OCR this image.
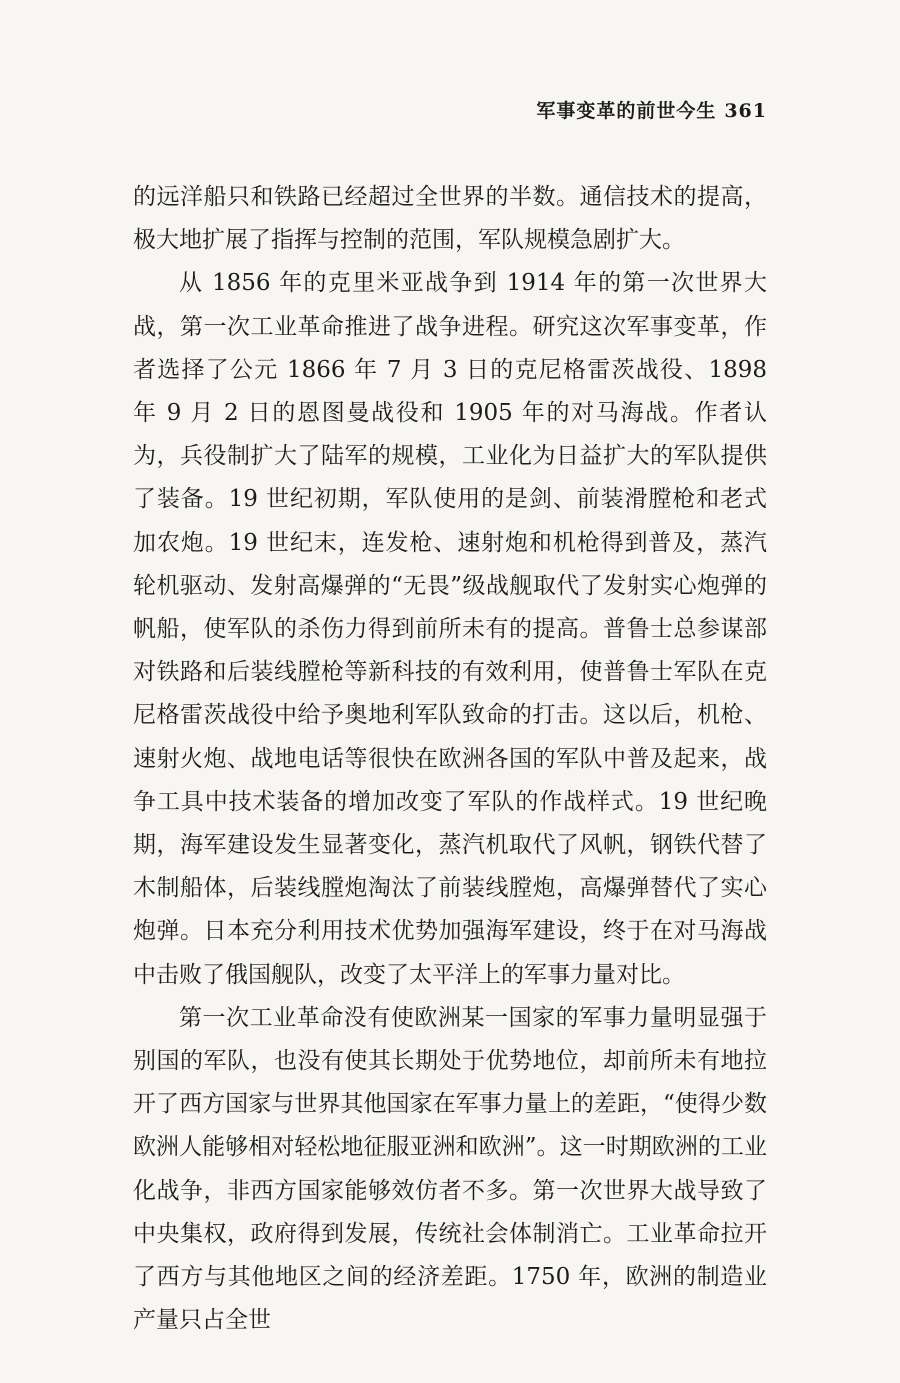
军事变革的前世今生 361

的远洋船只和铁路已经超过全世界的半数。通信技术的提高，极大地扩展了指挥与控制的范围，军队规模急剧扩大。

从 1856 年的克里米亚战争到 1914 年的第一次世界大战，第一次工业革命推进了战争进程。研究这次军事变革，作者选择了公元 1866 年 7 月 3 日的克尼格雷茨战役、1898 年 9 月 2 日的恩图曼战役和 1905 年的对马海战。作者认为，兵役制扩大了陆军的规模，工业化为日益扩大的军队提供了装备。19 世纪初期，军队使用的是剑、前装滑膛枪和老式加农炮。19 世纪末，连发枪、速射炮和机枪得到普及，蒸汽轮机驱动、发射高爆弹的“无畏”级战舰取代了发射实心炮弹的帆船，使军队的杀伤力得到前所未有的提高。普鲁士总参谋部对铁路和后装线膛枪等新科技的有效利用，使普鲁士军队在克尼格雷茨战役中给予奥地利军队致命的打击。这以后，机枪、速射火炮、战地电话等很快在欧洲各国的军队中普及起来，战争工具中技术装备的增加改变了军队的作战样式。19 世纪晚期，海军建设发生显著变化，蒸汽机取代了风帆，钢铁代替了木制船体，后装线膛炮淘汰了前装线膛炮，高爆弹替代了实心炮弹。日本充分利用技术优势加强海军建设，终于在对马海战中击败了俄国舰队，改变了太平洋上的军事力量对比。

第一次工业革命没有使欧洲某一国家的军事力量明显强于别国的军队，也没有使其长期处于优势地位，却前所未有地拉开了西方国家与世界其他国家在军事力量上的差距，“使得少数欧洲人能够相对轻松地征服亚洲和欧洲”。这一时期欧洲的工业化战争，非西方国家能够效仿者不多。第一次世界大战导致了中央集权，政府得到发展，传统社会体制消亡。工业革命拉开了西方与其他地区之间的经济差距。1750 年，欧洲的制造业产量只占全世
